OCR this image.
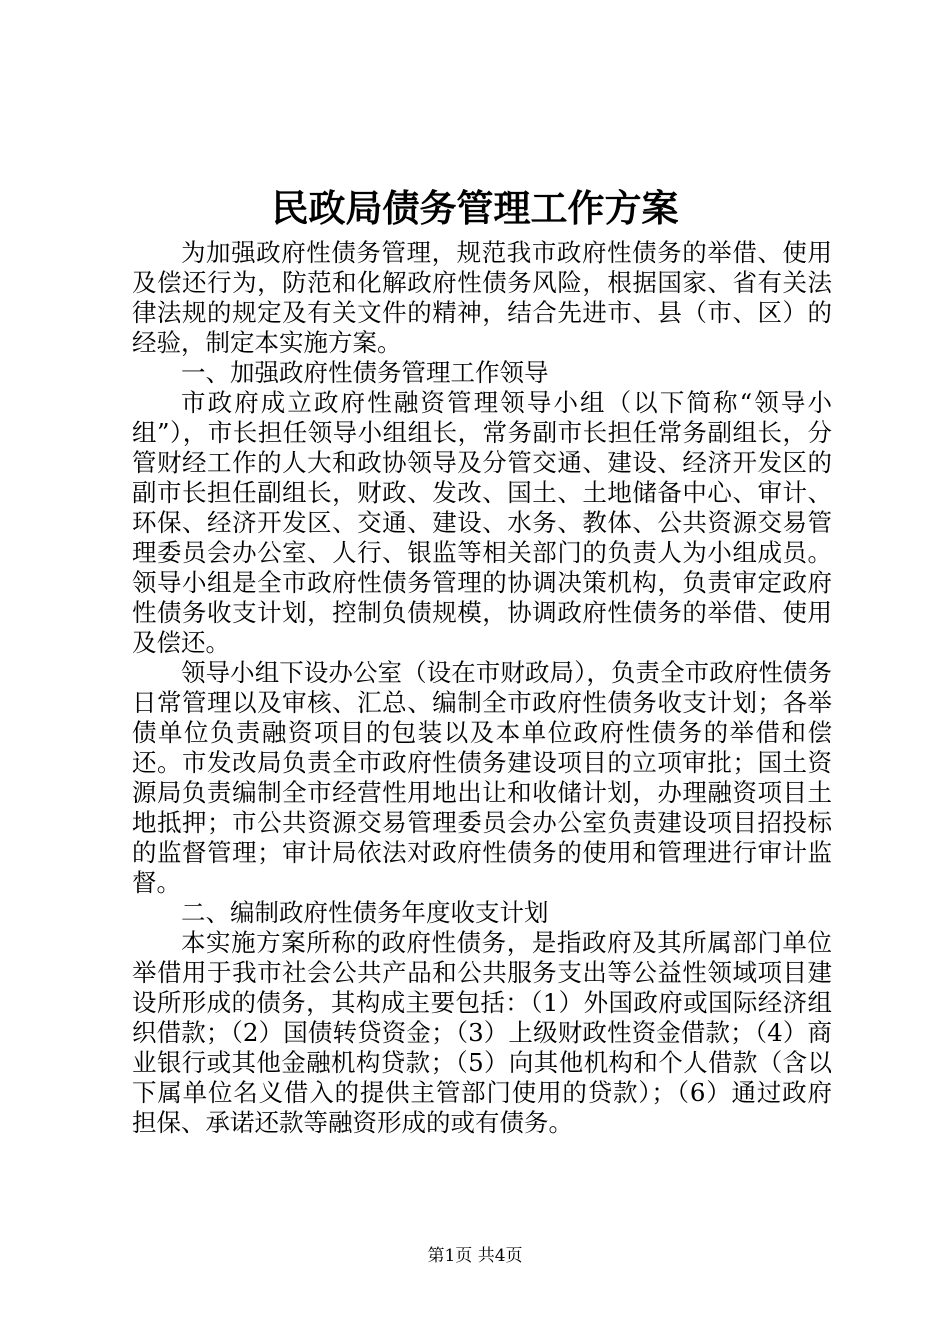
民政局债务管理工作方案

为加强政府性债务管理，规范我市政府性债务的举借、使用及偿还行为，防范和化解政府性债务风险，根据国家、省有关法律法规的规定及有关文件的精神，结合先进市、县（市、区）的经验，制定本实施方案。

一、加强政府性债务管理工作领导

市政府成立政府性融资管理领导小组（以下简称“领导小组”），市长担任领导小组组长，常务副市长担任常务副组长，分管财经工作的人大和政协领导及分管交通、建设、经济开发区的副市长担任副组长，财政、发改、国土、土地储备中心、审计、环保、经济开发区、交通、建设、水务、教体、公共资源交易管理委员会办公室、人行、银监等相关部门的负责人为小组成员。领导小组是全市政府性债务管理的协调决策机构，负责审定政府性债务收支计划，控制负债规模，协调政府性债务的举借、使用及偿还。

领导小组下设办公室（设在市财政局），负责全市政府性债务日常管理以及审核、汇总、编制全市政府性债务收支计划；各举债单位负责融资项目的包装以及本单位政府性债务的举借和偿还。市发改局负责全市政府性债务建设项目的立项审批；国土资源局负责编制全市经营性用地出让和收储计划，办理融资项目土地抵押；市公共资源交易管理委员会办公室负责建设项目招投标的监督管理；审计局依法对政府性债务的使用和管理进行审计监督。

二、编制政府性债务年度收支计划

本实施方案所称的政府性债务，是指政府及其所属部门单位举借用于我市社会公共产品和公共服务支出等公益性领域项目建设所形成的债务，其构成主要包括：（1）外国政府或国际经济组织借款；（2）国债转贷资金；（3）上级财政性资金借款；（4）商业银行或其他金融机构贷款；（5）向其他机构和个人借款（含以下属单位名义借入的提供主管部门使用的贷款）；（6）通过政府担保、承诺还款等融资形成的或有债务。

第1页 共4页
